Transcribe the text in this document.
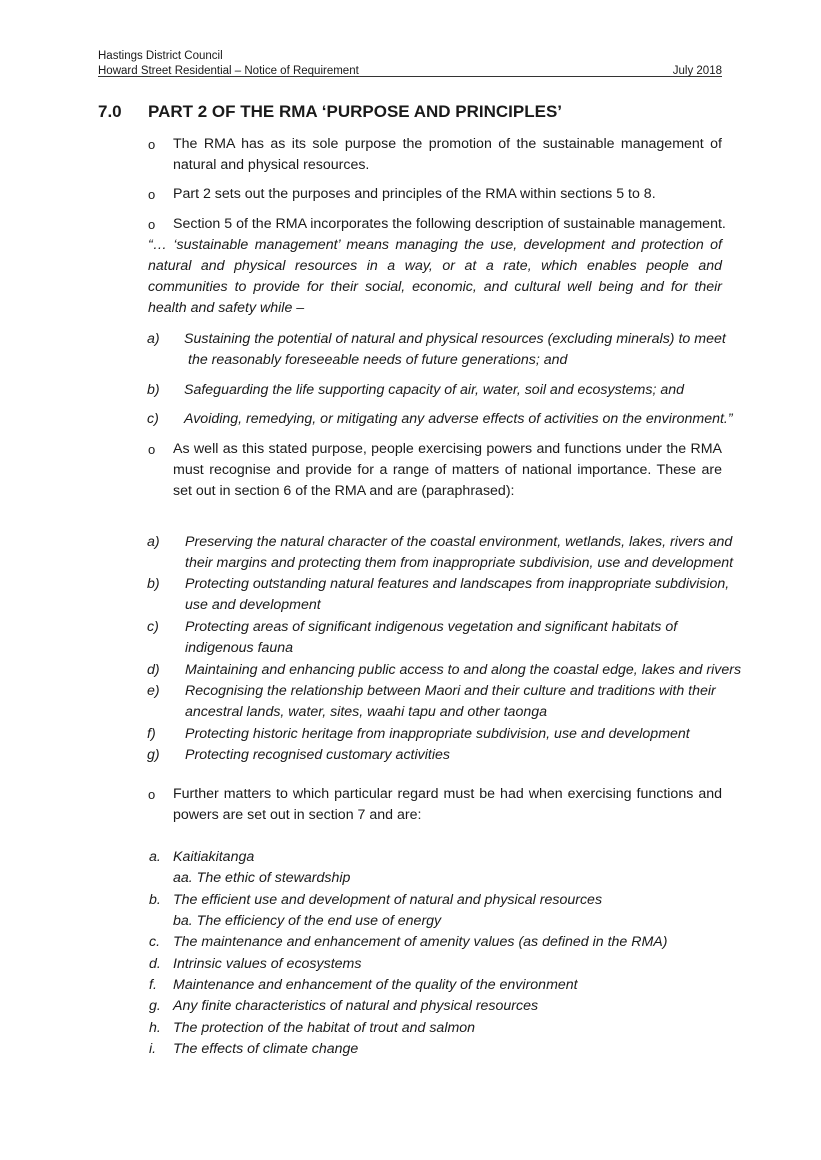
Hastings District Council
Howard Street Residential – Notice of Requirement	July 2018
7.0 PART 2 OF THE RMA ‘PURPOSE AND PRINCIPLES’
o The RMA has as its sole purpose the promotion of the sustainable management of natural and physical resources.
o Part 2 sets out the purposes and principles of the RMA within sections 5 to 8.
o Section 5 of the RMA incorporates the following description of sustainable management.
“… ‘sustainable management’ means managing the use, development and protection of natural and physical resources in a way, or at a rate, which enables people and communities to provide for their social, economic, and cultural well being and for their health and safety while –
a) Sustaining the potential of natural and physical resources (excluding minerals) to meet
the reasonably foreseeable needs of future generations; and
b) Safeguarding the life supporting capacity of air, water, soil and ecosystems; and
c) Avoiding, remedying, or mitigating any adverse effects of activities on the environment.”
o As well as this stated purpose, people exercising powers and functions under the RMA must recognise and provide for a range of matters of national importance. These are set out in section 6 of the RMA and are (paraphrased):
a) Preserving the natural character of the coastal environment, wetlands, lakes, rivers and
their margins and protecting them from inappropriate subdivision, use and development
b) Protecting outstanding natural features and landscapes from inappropriate subdivision,
use and development
c) Protecting areas of significant indigenous vegetation and significant habitats of
indigenous fauna
d) Maintaining and enhancing public access to and along the coastal edge, lakes and rivers
e) Recognising the relationship between Maori and their culture and traditions with their
ancestral lands, water, sites, waahi tapu and other taonga
f) Protecting historic heritage from inappropriate subdivision, use and development
g) Protecting recognised customary activities
o Further matters to which particular regard must be had when exercising functions and powers are set out in section 7 and are:
a. Kaitiakitanga
aa. The ethic of stewardship
b. The efficient use and development of natural and physical resources
ba. The efficiency of the end use of energy
c. The maintenance and enhancement of amenity values (as defined in the RMA)
d. Intrinsic values of ecosystems
f. Maintenance and enhancement of the quality of the environment
g. Any finite characteristics of natural and physical resources
h. The protection of the habitat of trout and salmon
i. The effects of climate change
